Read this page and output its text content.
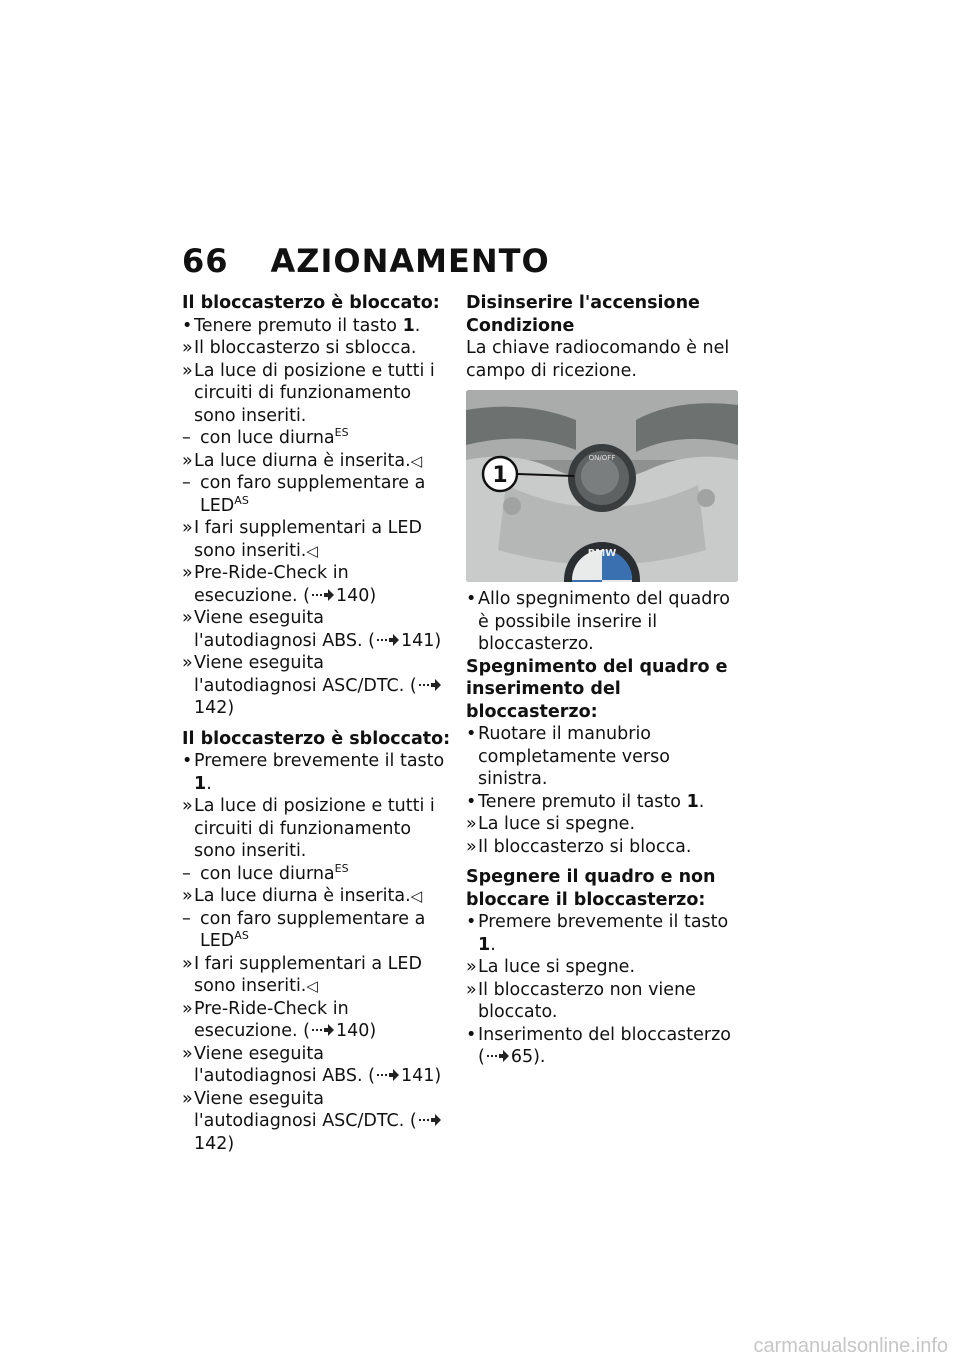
66 AZIONAMENTO
Il bloccasterzo è bloccato:
• Tenere premuto il tasto 1.
» Il bloccasterzo si sblocca.
» La luce di posizione e tutti i circuiti di funzionamento sono inseriti.
– con luce diurna$^{ES}$
» La luce diurna è inserita.◁
– con faro supplementare a $LED^{AS}$
» I fari supplementari a LED sono inseriti.◁
» Pre-Ride-Check in esecuzione. ( 140)
» Viene eseguita l'autodiagnosi ABS. ( 141)
» Viene eseguita l'autodiagnosi ASC/DTC. (
142)
Il bloccasterzo è sbloccato:
• Premere brevemente il tasto 1.
» La luce di posizione e tutti i circuiti di funzionamento sono inseriti.
– con luce diurna$^{ES}$
» La luce diurna è inserita.◁
– con faro supplementare a $LED^{AS}$
» I fari supplementari a LED sono inseriti.◁
» Pre-Ride-Check in esecuzione. ( 140)
» Viene eseguita l'autodiagnosi ABS. ( 141)
» Viene eseguita l'autodiagnosi ASC/DTC. (
142)
Disinserire l'accensione
Condizione
La chiave radiocomando è nel campo di ricezione.
ON/OFF
BMW
1
• Allo spegnimento del quadro è possibile inserire il bloccasterzo.
Spegnimento del quadro e inserimento del bloccasterzo:
• Ruotare il manubrio completamente verso sinistra.
• Tenere premuto il tasto 1.
» La luce si spegne.
» Il bloccasterzo si blocca.
Spegnere il quadro e non bloccare il bloccasterzo:
• Premere brevemente il tasto 1.
» La luce si spegne.
» Il bloccasterzo non viene bloccato.
• Inserimento del bloccasterzo ( 65).
carmanualsonline.info
